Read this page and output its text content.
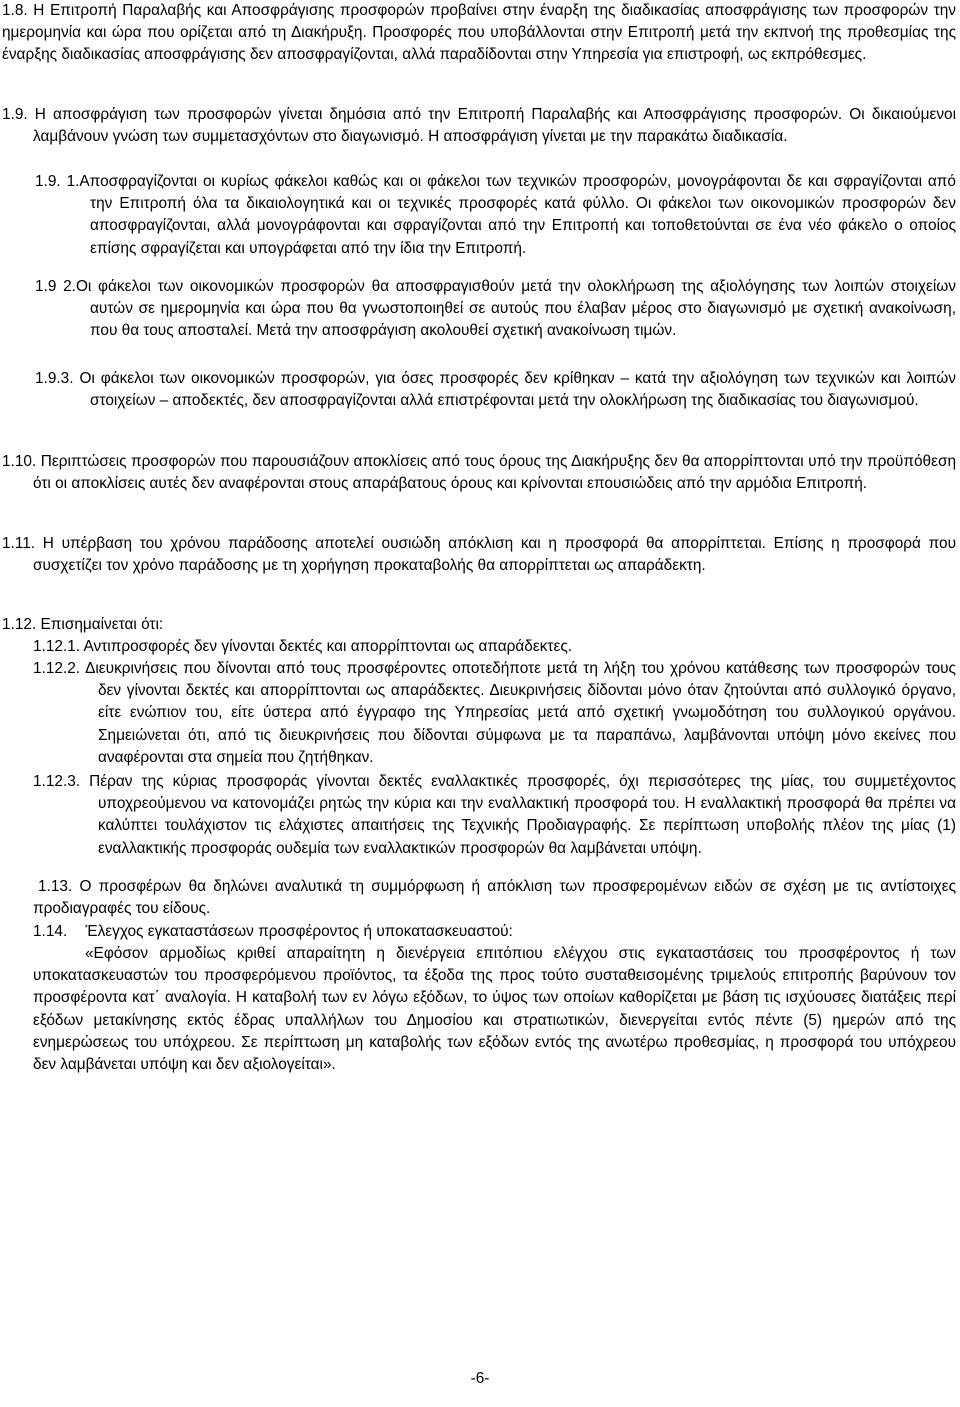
1.8. Η Επιτροπή Παραλαβής και Αποσφράγισης προσφορών προβαίνει στην έναρξη της διαδικασίας αποσφράγισης των προσφορών την ημερομηνία και ώρα που ορίζεται από τη Διακήρυξη. Προσφορές που υποβάλλονται στην Επιτροπή μετά την εκπνοή της προθεσμίας της έναρξης διαδικασίας αποσφράγισης δεν αποσφραγίζονται, αλλά παραδίδονται στην Υπηρεσία για επιστροφή, ως εκπρόθεσμες.
1.9. Η αποσφράγιση των προσφορών γίνεται δημόσια από την Επιτροπή Παραλαβής και Αποσφράγισης προσφορών. Οι δικαιούμενοι λαμβάνουν γνώση των συμμετασχόντων στο διαγωνισμό. Η αποσφράγιση γίνεται με την παρακάτω διαδικασία.
1.9. 1.Αποσφραγίζονται οι κυρίως φάκελοι καθώς και οι φάκελοι των τεχνικών προσφορών, μονογράφονται δε και σφραγίζονται από την Επιτροπή όλα τα δικαιολογητικά και οι τεχνικές προσφορές κατά φύλλο. Οι φάκελοι των οικονομικών προσφορών δεν αποσφραγίζονται, αλλά μονογράφονται και σφραγίζονται από την Επιτροπή και τοποθετούνται σε ένα νέο φάκελο ο οποίος επίσης σφραγίζεται και υπογράφεται από την ίδια την Επιτροπή.
1.9 2.Οι φάκελοι των οικονομικών προσφορών θα αποσφραγισθούν μετά την ολοκλήρωση της αξιολόγησης των λοιπών στοιχείων αυτών σε ημερομηνία και ώρα που θα γνωστοποιηθεί σε αυτούς που έλαβαν μέρος στο διαγωνισμό με σχετική ανακοίνωση, που θα τους αποσταλεί. Μετά την αποσφράγιση ακολουθεί σχετική ανακοίνωση τιμών.
1.9.3. Οι φάκελοι των οικονομικών προσφορών, για όσες προσφορές δεν κρίθηκαν – κατά την αξιολόγηση των τεχνικών και λοιπών στοιχείων – αποδεκτές, δεν αποσφραγίζονται αλλά επιστρέφονται μετά την ολοκλήρωση της διαδικασίας του διαγωνισμού.
1.10. Περιπτώσεις προσφορών που παρουσιάζουν αποκλίσεις από τους όρους της Διακήρυξης δεν θα απορρίπτονται υπό την προϋπόθεση ότι οι αποκλίσεις αυτές δεν αναφέρονται στους απαράβατους όρους και κρίνονται επουσιώδεις από την αρμόδια Επιτροπή.
1.11. Η υπέρβαση του χρόνου παράδοσης αποτελεί ουσιώδη απόκλιση και η προσφορά θα απορρίπτεται. Επίσης η προσφορά που συσχετίζει τον χρόνο παράδοσης με τη χορήγηση προκαταβολής θα απορρίπτεται ως απαράδεκτη.
1.12. Επισημαίνεται ότι:
1.12.1. Αντιπροσφορές δεν γίνονται δεκτές και απορρίπτονται ως απαράδεκτες.
1.12.2. Διευκρινήσεις που δίνονται από τους προσφέροντες οποτεδήποτε μετά τη λήξη του χρόνου κατάθεσης των προσφορών τους δεν γίνονται δεκτές και απορρίπτονται ως απαράδεκτες. Διευκρινήσεις δίδονται μόνο όταν ζητούνται από συλλογικό όργανο, είτε ενώπιον του, είτε ύστερα από έγγραφο της Υπηρεσίας μετά από σχετική γνωμοδότηση του συλλογικού οργάνου. Σημειώνεται ότι, από τις διευκρινήσεις που δίδονται σύμφωνα με τα παραπάνω, λαμβάνονται υπόψη μόνο εκείνες που αναφέρονται στα σημεία που ζητήθηκαν.
1.12.3. Πέραν της κύριας προσφοράς γίνονται δεκτές εναλλακτικές προσφορές, όχι περισσότερες της μίας, του συμμετέχοντος υποχρεούμενου να κατονομάζει ρητώς την κύρια και την εναλλακτική προσφορά του. Η εναλλακτική προσφορά θα πρέπει να καλύπτει τουλάχιστον τις ελάχιστες απαιτήσεις της Τεχνικής Προδιαγραφής. Σε περίπτωση υποβολής πλέον της μίας (1) εναλλακτικής προσφοράς ουδεμία των εναλλακτικών προσφορών θα λαμβάνεται υπόψη.
1.13. Ο προσφέρων θα δηλώνει αναλυτικά τη συμμόρφωση ή απόκλιση των προσφερομένων ειδών σε σχέση με τις αντίστοιχες προδιαγραφές του είδους.
1.14. Έλεγχος εγκαταστάσεων προσφέροντος ή υποκατασκευαστού:
«Εφόσον αρμοδίως κριθεί απαραίτητη η διενέργεια επιτόπιου ελέγχου στις εγκαταστάσεις του προσφέροντος ή των υποκατασκευαστών του προσφερόμενου προϊόντος, τα έξοδα της προς τούτο συσταθεισομένης τριμελούς επιτροπής βαρύνουν τον προσφέροντα κατ΄ αναλογία. Η καταβολή των εν λόγω εξόδων, το ύψος των οποίων καθορίζεται με βάση τις ισχύουσες διατάξεις περί εξόδων μετακίνησης εκτός έδρας υπαλλήλων του Δημοσίου και στρατιωτικών, διενεργείται εντός πέντε (5) ημερών από της ενημερώσεως του υπόχρεου. Σε περίπτωση μη καταβολής των εξόδων εντός της ανωτέρω προθεσμίας, η προσφορά του υπόχρεου δεν λαμβάνεται υπόψη και δεν αξιολογείται».
-6-
